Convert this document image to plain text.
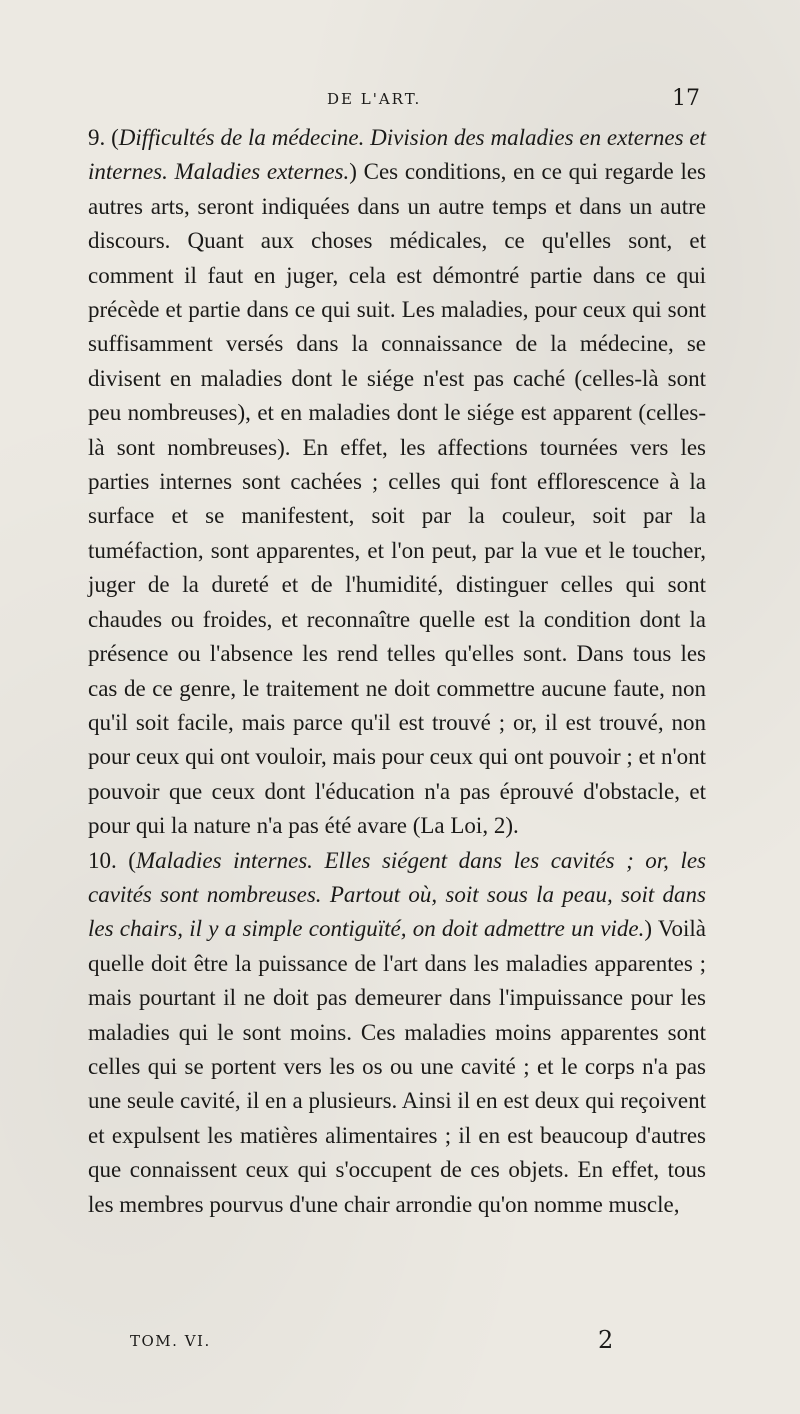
DE L'ART.	17

9. (Difficultés de la médecine. Division des maladies en externes et internes. Maladies externes.) Ces conditions, en ce qui regarde les autres arts, seront indiquées dans un autre temps et dans un autre discours. Quant aux choses médicales, ce qu'elles sont, et comment il faut en juger, cela est démontré partie dans ce qui précède et partie dans ce qui suit. Les maladies, pour ceux qui sont suffisamment versés dans la connaissance de la médecine, se divisent en maladies dont le siége n'est pas caché (celles-là sont peu nombreuses), et en maladies dont le siége est apparent (celles-là sont nombreuses). En effet, les affections tournées vers les parties internes sont cachées ; celles qui font efflorescence à la surface et se manifestent, soit par la couleur, soit par la tuméfaction, sont apparentes, et l'on peut, par la vue et le toucher, juger de la dureté et de l'humidité, distinguer celles qui sont chaudes ou froides, et reconnaître quelle est la condition dont la présence ou l'absence les rend telles qu'elles sont. Dans tous les cas de ce genre, le traitement ne doit commettre aucune faute, non qu'il soit facile, mais parce qu'il est trouvé ; or, il est trouvé, non pour ceux qui ont vouloir, mais pour ceux qui ont pouvoir ; et n'ont pouvoir que ceux dont l'éducation n'a pas éprouvé d'obstacle, et pour qui la nature n'a pas été avare (La Loi, 2).

10. (Maladies internes. Elles siégent dans les cavités ; or, les cavités sont nombreuses. Partout où, soit sous la peau, soit dans les chairs, il y a simple contiguïté, on doit admettre un vide.) Voilà quelle doit être la puissance de l'art dans les maladies apparentes ; mais pourtant il ne doit pas demeurer dans l'impuissance pour les maladies qui le sont moins. Ces maladies moins apparentes sont celles qui se portent vers les os ou une cavité ; et le corps n'a pas une seule cavité, il en a plusieurs. Ainsi il en est deux qui reçoivent et expulsent les matières alimentaires ; il en est beaucoup d'autres que connaissent ceux qui s'occupent de ces objets. En effet, tous les membres pourvus d'une chair arrondie qu'on nomme muscle,

TOM. VI.	2
